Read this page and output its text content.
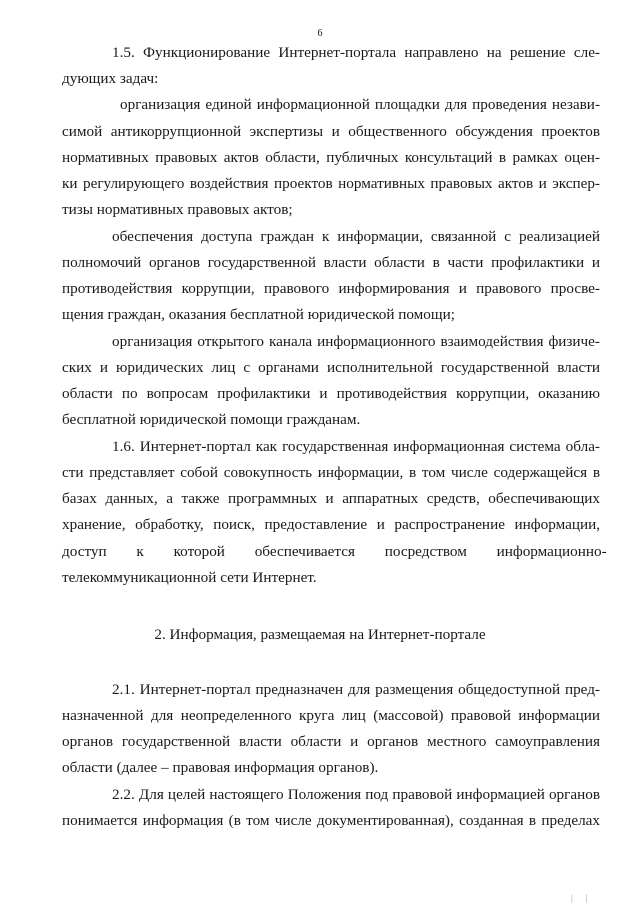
6
1.5. Функционирование Интернет-портала направлено на решение сле-
дующих задач:
организация единой информационной площадки для проведения незави-
симой антикоррупционной экспертизы и общественного обсуждения проектов
нормативных правовых актов области, публичных консультаций в рамках оцен-
ки регулирующего воздействия проектов нормативных правовых актов и экспер-
тизы нормативных правовых актов;
обеспечения доступа граждан к информации, связанной с реализацией
полномочий органов государственной власти области в части профилактики и
противодействия коррупции, правового информирования и правового просве-
щения граждан, оказания бесплатной юридической помощи;
организация открытого канала информационного взаимодействия физиче-
ских и юридических лиц с органами исполнительной государственной власти
области по вопросам профилактики и противодействия коррупции, оказанию
бесплатной юридической помощи гражданам.
1.6. Интернет-портал как государственная информационная система обла-
сти представляет собой совокупность информации, в том числе содержащейся в
базах данных, а также программных и аппаратных средств, обеспечивающих
хранение, обработку, поиск, предоставление и распространение информации,
доступ к которой обеспечивается посредством информационно-
телекоммуникационной сети Интернет.
2. Информация, размещаемая на Интернет-портале
2.1. Интернет-портал предназначен для размещения общедоступной пред-
назначенной для неопределенного круга лиц (массовой) правовой информации
органов государственной власти области и органов местного самоуправления
области (далее – правовая информация органов).
2.2. Для целей настоящего Положения под правовой информацией органов
понимается информация (в том числе документированная), созданная в пределах
| |
